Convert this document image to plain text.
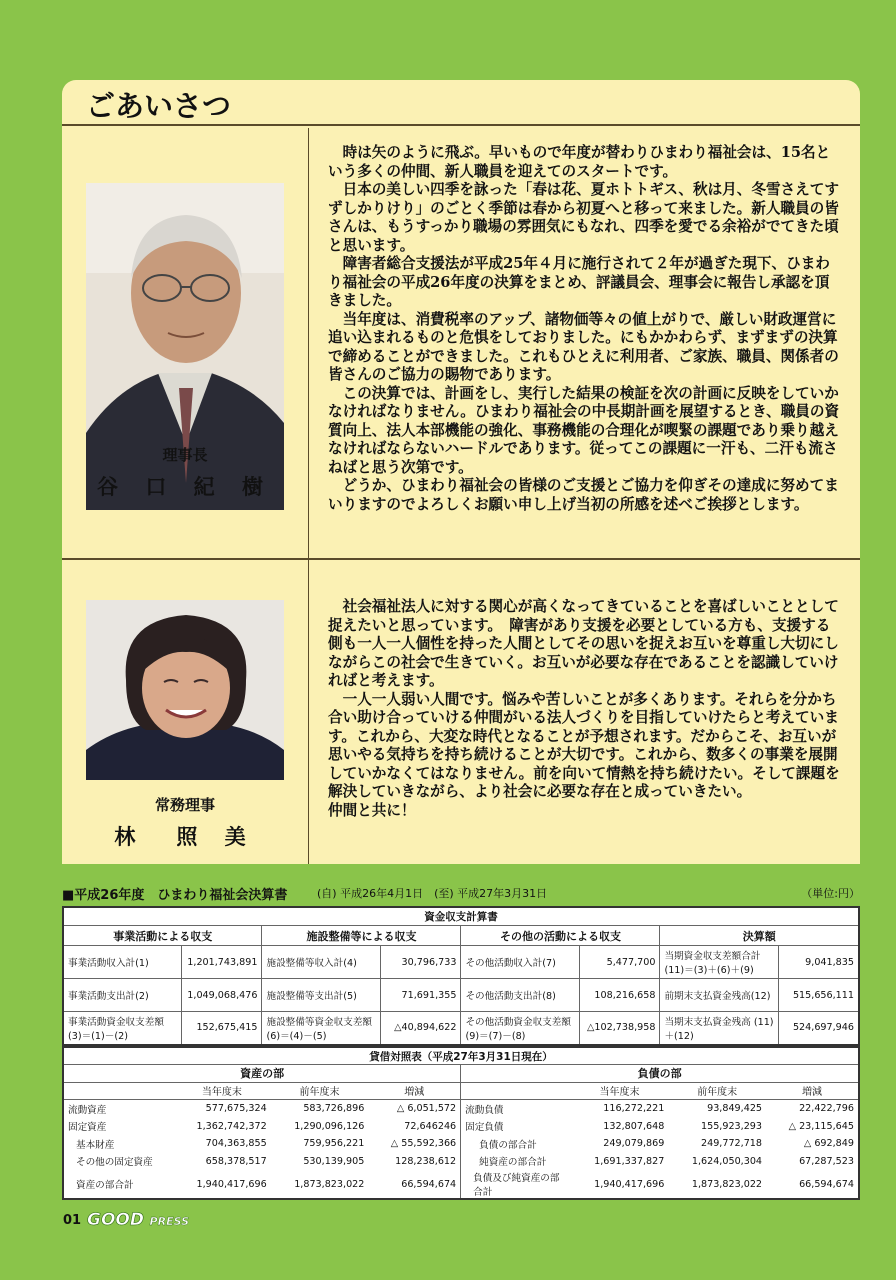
ごあいさつ
理事長
谷 口 紀 樹

時は矢のように飛ぶ。早いもので年度が替わりひまわり福祉会は、15名という多くの仲間、新人職員を迎えてのスタートです。

日本の美しい四季を詠った「春は花、夏ホトトギス、秋は月、冬雪さえてすずしかりけり」のごとく季節は春から初夏へと移って来ました。新人職員の皆さんは、もうすっかり職場の雰囲気にもなれ、四季を愛でる余裕がでてきた頃と思います。

障害者総合支援法が平成25年４月に施行されて２年が過ぎた現下、ひまわり福祉会の平成26年度の決算をまとめ、評議員会、理事会に報告し承認を頂きました。

当年度は、消費税率のアップ、諸物価等々の値上がりで、厳しい財政運営に追い込まれるものと危惧をしておりました。にもかかわらず、まずまずの決算で締めることができました。これもひとえに利用者、ご家族、職員、関係者の皆さんのご協力の賜物であります。

この決算では、計画をし、実行した結果の検証を次の計画に反映をしていかなければなりません。ひまわり福祉会の中長期計画を展望するとき、職員の資質向上、法人本部機能の強化、事務機能の合理化が喫緊の課題であり乗り越えなければならないハードルであります。従ってこの課題に一汗も、二汗も流さねばと思う次第です。

どうか、ひまわり福祉会の皆様のご支援とご協力を仰ぎその達成に努めてまいりますのでよろしくお願い申し上げ当初の所感を述べご挨拶とします。

常務理事
林　照 美

社会福祉法人に対する関心が高くなってきていることを喜ばしいこととして捉えたいと思っています。　障害があり支援を必要としている方も、支援する側も一人一人個性を持った人間としてその思いを捉えお互いを尊重し大切にしながらこの社会で生きていく。お互いが必要な存在であることを認識していければと考えます。

一人一人弱い人間です。悩みや苦しいことが多くあります。それらを分かち合い助け合っていける仲間がいる法人づくりを目指していけたらと考えています。これから、大変な時代となることが予想されます。だからこそ、お互いが思いやる気持ちを持ち続けることが大切です。これから、数多くの事業を展開していかなくてはなりません。前を向いて情熱を持ち続けたい。そして課題を解決していきながら、より社会に必要な存在と成っていきたい。

仲間と共に！

■平成26年度　ひまわり福祉会決算書	(自) 平成26年4月1日　(至) 平成27年3月31日	（単位:円）
資金収支計算書							
事業活動による収支		施設整備等による収支		その他の活動による収支		決算額	
事業活動収入計(1)	1,201,743,891	施設整備等収入計(4)	30,796,733	その他活動収入計(7)	5,477,700	当期資金収支差額合計 (11)＝(3)＋(6)＋(9)	9,041,835
事業活動支出計(2)	1,049,068,476	施設整備等支出計(5)	71,691,355	その他活動支出計(8)	108,216,658	前期末支払資金残高(12)	515,656,111
事業活動資金収支差額 (3)＝(1)－(2)	152,675,415	施設整備等資金収支差額 (6)＝(4)－(5)	△40,894,622	その他活動資金収支差額 (9)＝(7)－(8)	△102,738,958	当期末支払資金残高 (11)＋(12)	524,697,946
貸借対照表（平成27年3月31日現在）							
資産の部				負債の部			
	当年度末	前年度末	増減		当年度末	前年度末	増減
流動資産	577,675,324	583,726,896	△ 6,051,572	流動負債	116,272,221	93,849,425	22,422,796
固定資産	1,362,742,372	1,290,096,126	72,646246	固定負債	132,807,648	155,923,293	△ 23,115,645
基本財産	704,363,855	759,956,221	△ 55,592,366	負債の部合計	249,079,869	249,772,718	△ 692,849
その他の固定資産	658,378,517	530,139,905	128,238,612	純資産の部合計	1,691,337,827	1,624,050,304	67,287,523
資産の部合計	1,940,417,696	1,873,823,022	66,594,674	負債及び純資産の部合計	1,940,417,696	1,873,823,022	66,594,674
01 GOOD PRESS
